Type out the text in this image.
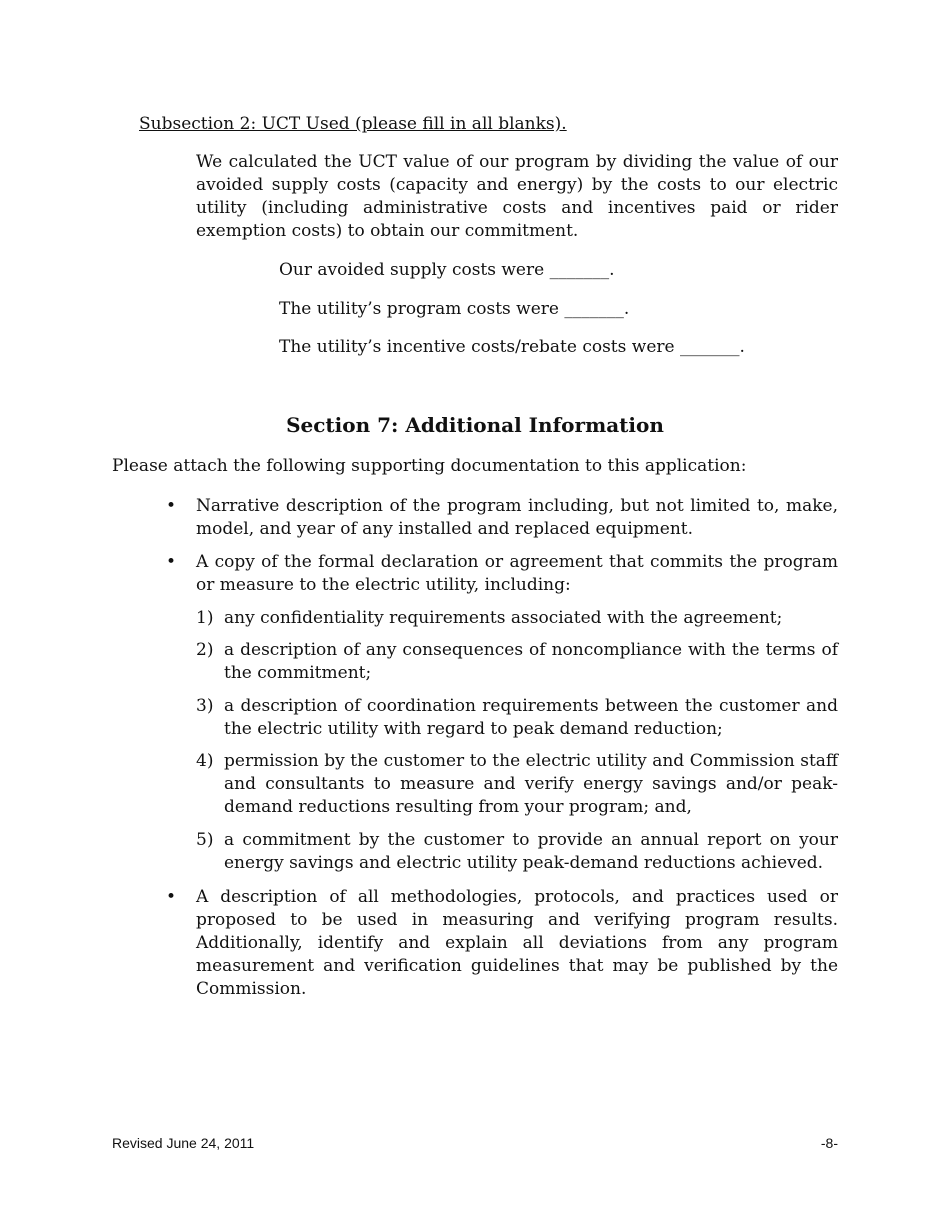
Subsection 2: UCT Used (please fill in all blanks).

We calculated the UCT value of our program by dividing the value of our avoided supply costs (capacity and energy) by the costs to our electric utility (including administrative costs and incentives paid or rider exemption costs) to obtain our commitment.

Our avoided supply costs were _______.
The utility’s program costs were _______.
The utility’s incentive costs/rebate costs were _______.
Section 7: Additional Information
Please attach the following supporting documentation to this application:
• Narrative description of the program including, but not limited to, make, model, and year of any installed and replaced equipment.
• A copy of the formal declaration or agreement that commits the program or measure to the electric utility, including:
1) any confidentiality requirements associated with the agreement;
2) a description of any consequences of noncompliance with the terms of the commitment;
3) a description of coordination requirements between the customer and the electric utility with regard to peak demand reduction;
4) permission by the customer to the electric utility and Commission staff and consultants to measure and verify energy savings and/or peak-demand reductions resulting from your program; and,
5) a commitment by the customer to provide an annual report on your energy savings and electric utility peak-demand reductions achieved.
• A description of all methodologies, protocols, and practices used or proposed to be used in measuring and verifying program results. Additionally, identify and explain all deviations from any program measurement and verification guidelines that may be published by the Commission.
Revised June 24, 2011	-8-
